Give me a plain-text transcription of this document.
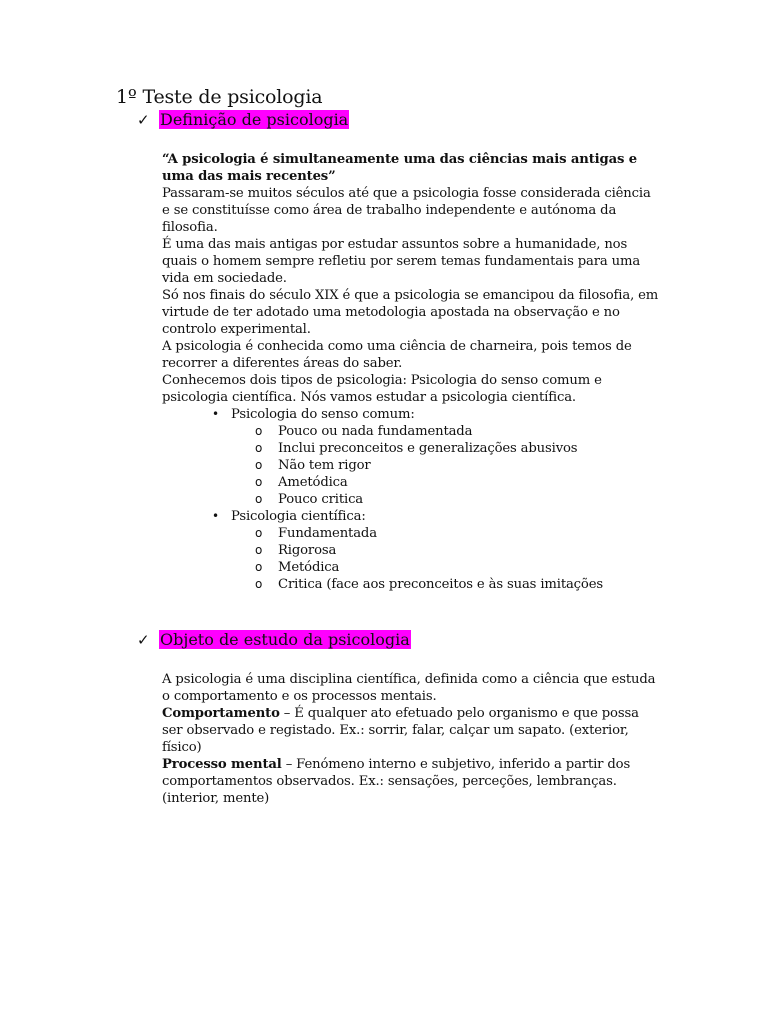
1º Teste de psicologia
✓ Definição de psicologia

“A psicologia é simultaneamente uma das ciências mais antigas e uma das mais recentes”

Passaram-se muitos séculos até que a psicologia fosse considerada ciência e se constituísse como área de trabalho independente e autónoma da filosofia.

É uma das mais antigas por estudar assuntos sobre a humanidade, nos quais o homem sempre refletiu por serem temas fundamentais para uma vida em sociedade.

Só nos finais do século XIX é que a psicologia se emancipou da filosofia, em virtude de ter adotado uma metodologia apostada na observação e no controlo experimental.

A psicologia é conhecida como uma ciência de charneira, pois temos de recorrer a diferentes áreas do saber.

Conhecemos dois tipos de psicologia: Psicologia do senso comum e psicologia científica. Nós vamos estudar a psicologia científica.

• Psicologia do senso comum:
o Pouco ou nada fundamentada
o Inclui preconceitos e generalizações abusivos
o Não tem rigor
o Ametódica
o Pouco critica
• Psicologia científica:
o Fundamentada
o Rigorosa
o Metódica
o Critica (face aos preconceitos e às suas imitações
✓ Objeto de estudo da psicologia

A psicologia é uma disciplina científica, definida como a ciência que estuda o comportamento e os processos mentais.

Comportamento – É qualquer ato efetuado pelo organismo e que possa ser observado e registado. Ex.: sorrir, falar, calçar um sapato. (exterior, físico)

Processo mental – Fenómeno interno e subjetivo, inferido a partir dos comportamentos observados. Ex.: sensações, perceções, lembranças. (interior, mente)
